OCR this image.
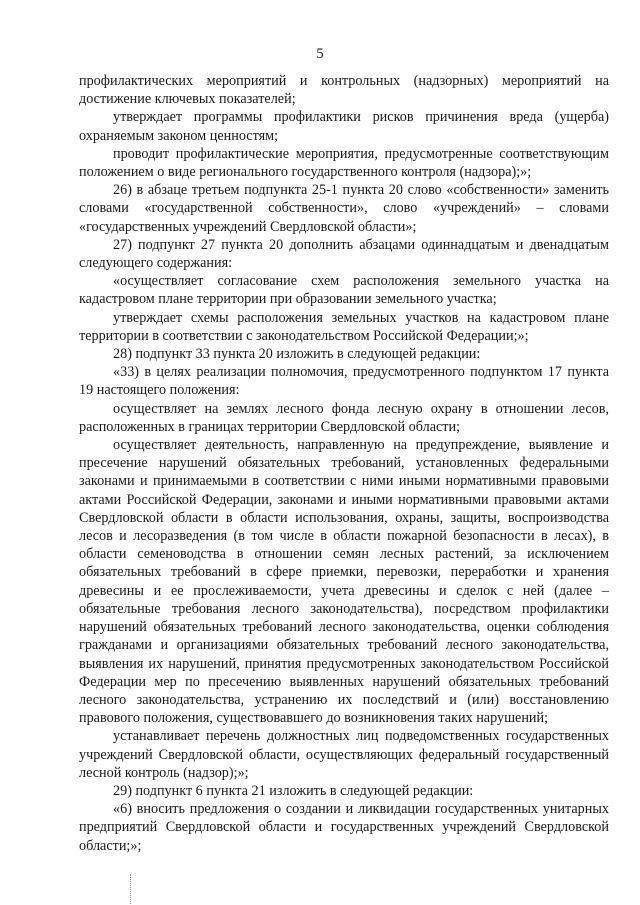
5

профилактических мероприятий и контрольных (надзорных) мероприятий на достижение ключевых показателей;

утверждает программы профилактики рисков причинения вреда (ущерба) охраняемым законом ценностям;

проводит профилактические мероприятия, предусмотренные соответствующим положением о виде регионального государственного контроля (надзора);»;

26) в абзаце третьем подпункта 25-1 пункта 20 слово «собственности» заменить словами «государственной собственности», слово «учреждений» – словами «государственных учреждений Свердловской области»;

27) подпункт 27 пункта 20 дополнить абзацами одиннадцатым и двенадцатым следующего содержания:

«осуществляет согласование схем расположения земельного участка на кадастровом плане территории при образовании земельного участка;

утверждает схемы расположения земельных участков на кадастровом плане территории в соответствии с законодательством Российской Федерации;»;

28) подпункт 33 пункта 20 изложить в следующей редакции:

«33) в целях реализации полномочия, предусмотренного подпунктом 17 пункта 19 настоящего положения:

осуществляет на землях лесного фонда лесную охрану в отношении лесов, расположенных в границах территории Свердловской области;

осуществляет деятельность, направленную на предупреждение, выявление и пресечение нарушений обязательных требований, установленных федеральными законами и принимаемыми в соответствии с ними иными нормативными правовыми актами Российской Федерации, законами и иными нормативными правовыми актами Свердловской области в области использования, охраны, защиты, воспроизводства лесов и лесоразведения (в том числе в области пожарной безопасности в лесах), в области семеноводства в отношении семян лесных растений, за исключением обязательных требований в сфере приемки, перевозки, переработки и хранения древесины и ее прослеживаемости, учета древесины и сделок с ней (далее – обязательные требования лесного законодательства), посредством профилактики нарушений обязательных требований лесного законодательства, оценки соблюдения гражданами и организациями обязательных требований лесного законодательства, выявления их нарушений, принятия предусмотренных законодательством Российской Федерации мер по пресечению выявленных нарушений обязательных требований лесного законодательства, устранению их последствий и (или) восстановлению правового положения, существовавшего до возникновения таких нарушений;

устанавливает перечень должностных лиц подведомственных государственных учреждений Свердловской области, осуществляющих федеральный государственный лесной контроль (надзор);»;

29) подпункт 6 пункта 21 изложить в следующей редакции:

«6) вносить предложения о создании и ликвидации государственных унитарных предприятий Свердловской области и государственных учреждений Свердловской области;»;
